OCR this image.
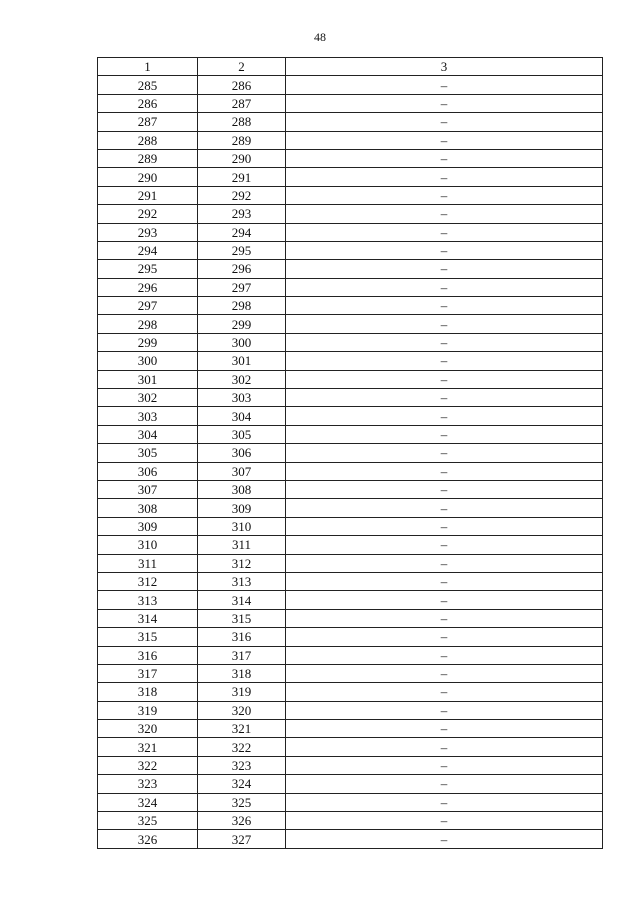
48
1	2	3
285	286	–
286	287	–
287	288	–
288	289	–
289	290	–
290	291	–
291	292	–
292	293	–
293	294	–
294	295	–
295	296	–
296	297	–
297	298	–
298	299	–
299	300	–
300	301	–
301	302	–
302	303	–
303	304	–
304	305	–
305	306	–
306	307	–
307	308	–
308	309	–
309	310	–
310	311	–
311	312	–
312	313	–
313	314	–
314	315	–
315	316	–
316	317	–
317	318	–
318	319	–
319	320	–
320	321	–
321	322	–
322	323	–
323	324	–
324	325	–
325	326	–
326	327	–
